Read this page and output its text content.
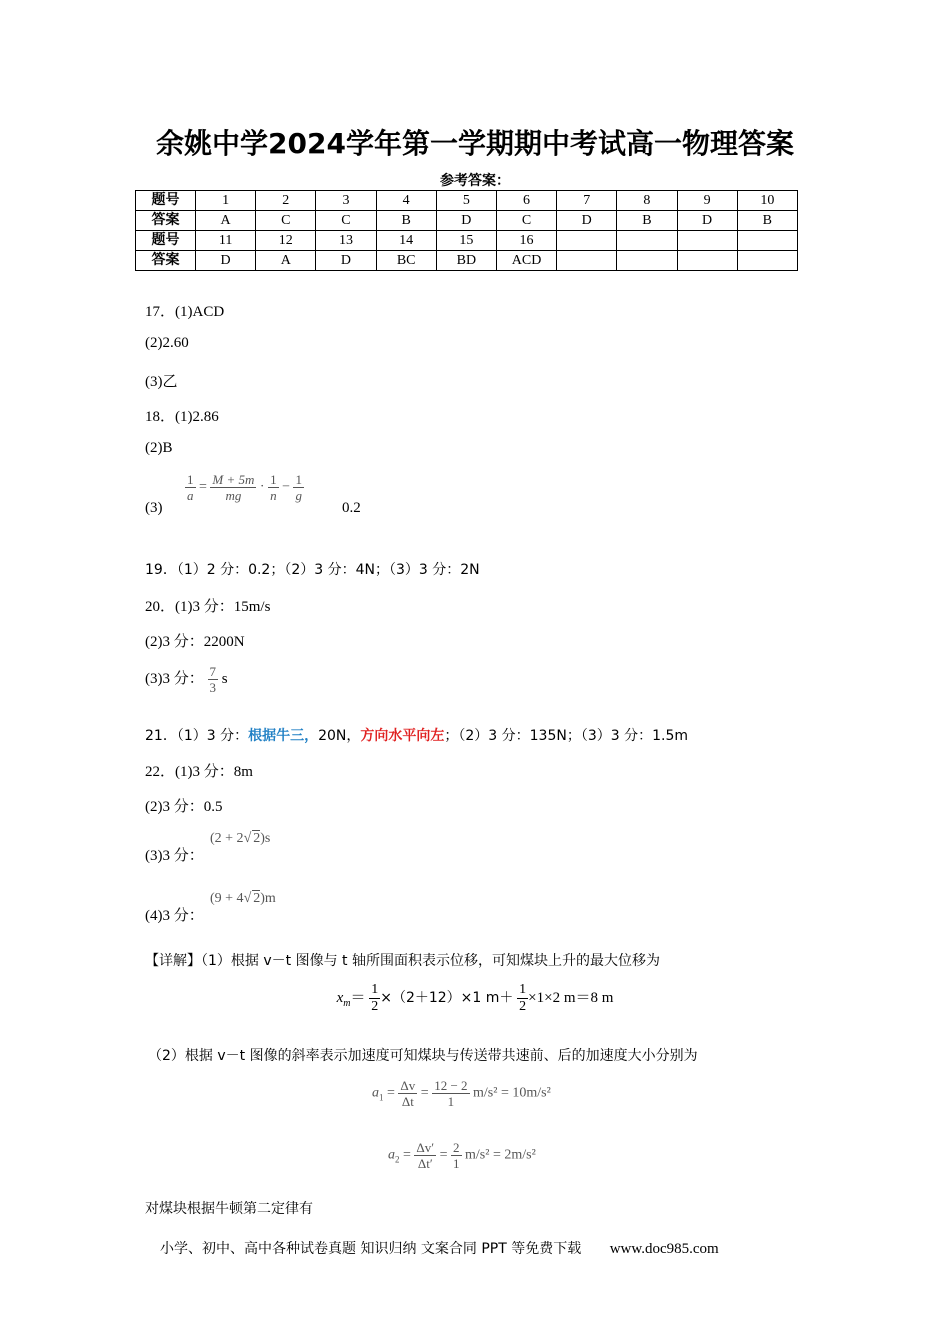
余姚中学2024学年第一学期期中考试高一物理答案
参考答案：
题号	1	2	3	4	5	6	7	8	9	10
答案	A	C	C	B	D	C	D	B	D	B
题号	11	12	13	14	15	16				
答案	D	A	D	BC	BD	ACD				
17．(1)ACD
(2)2.60
(3)乙
18．(1)2.86
(2)B
(3)
$\frac{1}{a} = \frac{M + 5m}{mg} \cdot \frac{1}{n} - \frac{1}{g}$
0.2
19．（1）2 分：0.2；（2）3 分：4N；（3）3 分：2N
20．(1)3 分：15m/s
(2)3 分：2200N
(3)3 分： $\frac{7}{3}$ s
21．（1）3 分：根据牛三，20N，方向水平向左；（2）3 分：135N；（3）3 分：1.5m
22．(1)3 分：8m
(2)3 分：0.5
(3)3 分：
(2 + 2√ 2)s
(4)3 分：
(9 + 4√ 2)m
【详解】（1）根据 v－t 图像与 t 轴所围面积表示位移，可知煤块上升的最大位移为
$x_m= \frac{1}{2} \times(2+12)\times 1$ $m+ \frac{1}{2} \times 1\times 2$ m＝8 m
（2）根据 v－t 图像的斜率表示加速度可知煤块与传送带共速前、后的加速度大小分别为
$a_1 = \frac{\Delta v}{\Delta t} = \frac{12 - 2}{1} m/s^2 = 10m/s^2$
$a_2 = \frac{\Delta v'}{\Delta t'} = \frac{2}{1} m/s^2 = 2m/s^2$
对煤块根据牛顿第二定律有
小学、初中、高中各种试卷真题 知识归纳 文案合同 PPT 等免费下载 www.doc985.com
